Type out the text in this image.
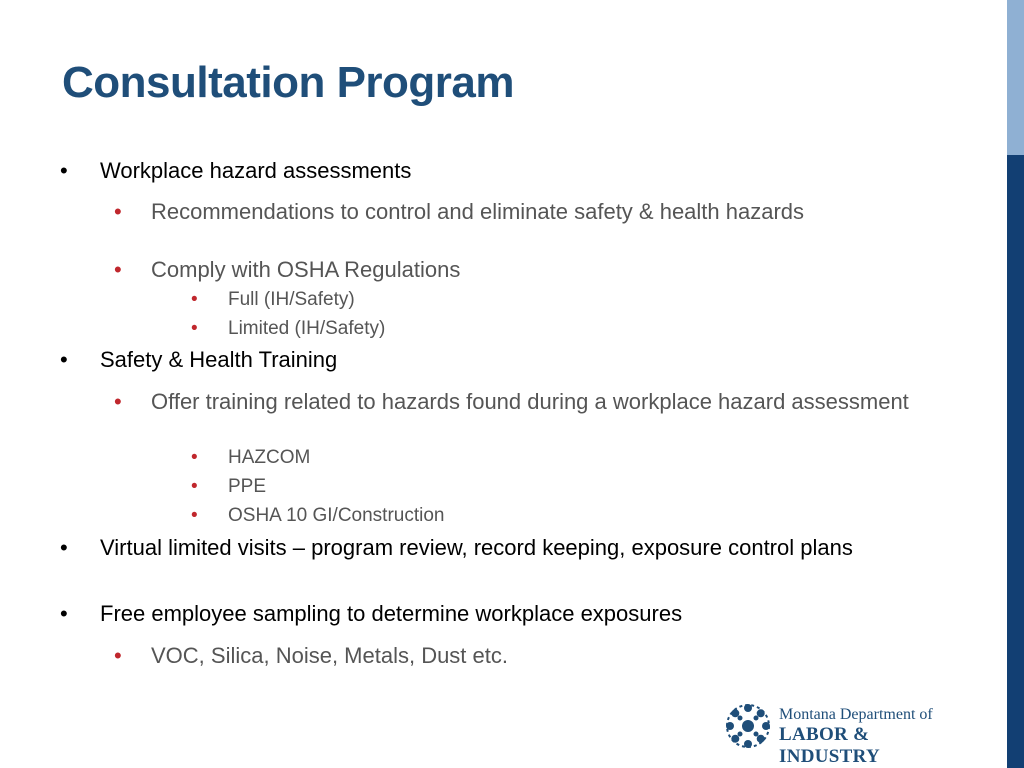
Consultation Program
• Workplace hazard assessments
• Recommendations to control and eliminate safety & health hazards
• Comply with OSHA Regulations
• Full (IH/Safety)
• Limited (IH/Safety)
• Safety & Health Training
• Offer training related to hazards found during a workplace hazard assessment
• HAZCOM
• PPE
• OSHA 10 GI/Construction
• Virtual limited visits – program review, record keeping, exposure control plans
• Free employee sampling to determine workplace exposures
• VOC, Silica, Noise, Metals, Dust etc.
Montana Department of
LABOR & INDUSTRY
